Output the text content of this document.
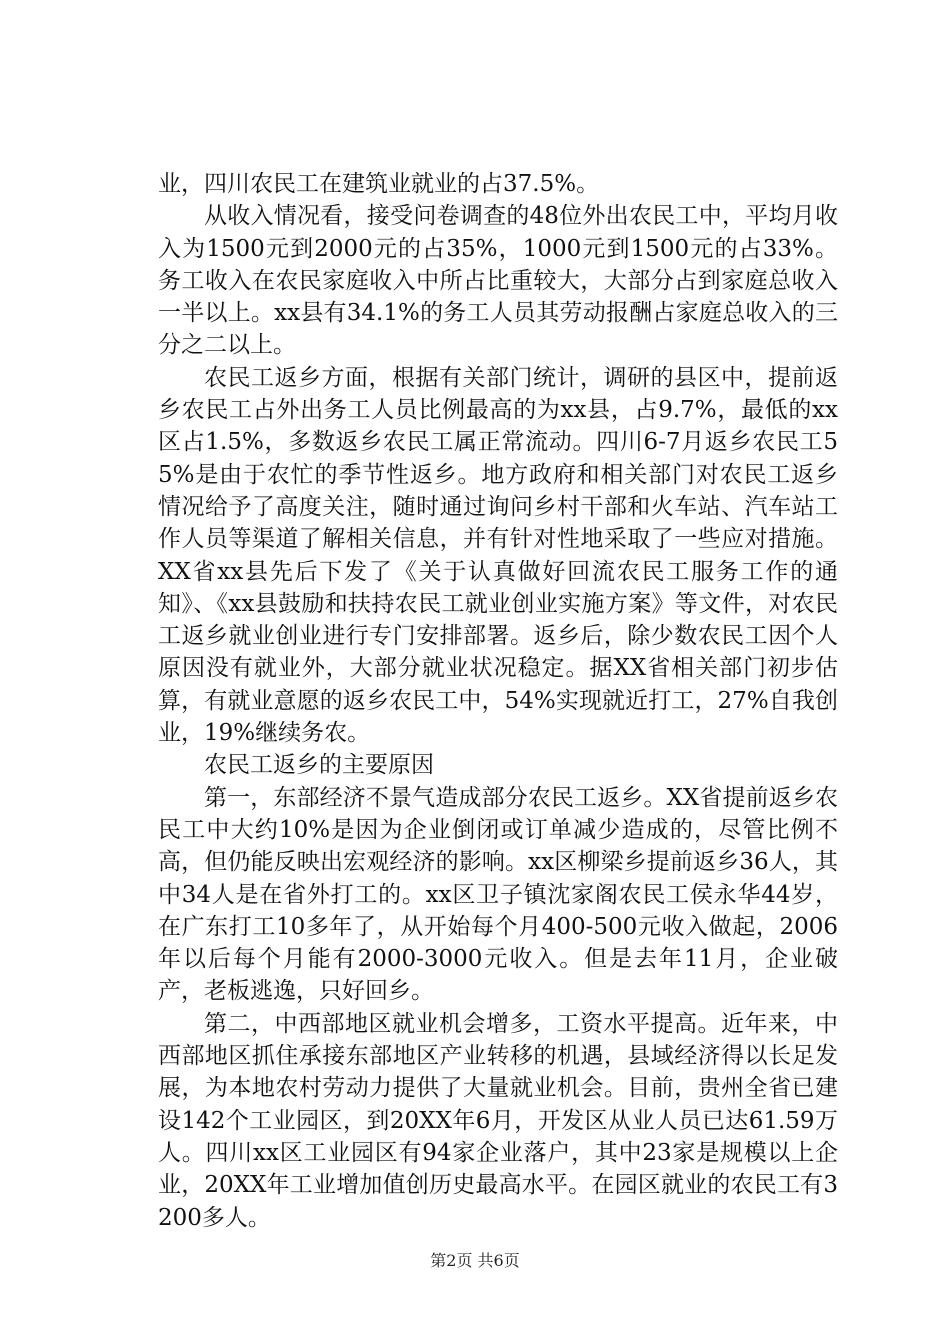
业，四川农民工在建筑业就业的占37.5%。

从收入情况看，接受问卷调查的48位外出农民工中，平均月收入为1500元到2000元的占35%，1000元到1500元的占33%。务工收入在农民家庭收入中所占比重较大，大部分占到家庭总收入一半以上。xx县有34.1%的务工人员其劳动报酬占家庭总收入的三分之二以上。

农民工返乡方面，根据有关部门统计，调研的县区中，提前返乡农民工占外出务工人员比例最高的为xx县，占9.7%，最低的xx区占1.5%，多数返乡农民工属正常流动。四川6-7月返乡农民工55%是由于农忙的季节性返乡。地方政府和相关部门对农民工返乡情况给予了高度关注，随时通过询问乡村干部和火车站、汽车站工作人员等渠道了解相关信息，并有针对性地采取了一些应对措施。XX省xx县先后下发了《关于认真做好回流农民工服务工作的通知》、《xx县鼓励和扶持农民工就业创业实施方案》等文件，对农民工返乡就业创业进行专门安排部署。返乡后，除少数农民工因个人原因没有就业外，大部分就业状况稳定。据XX省相关部门初步估算，有就业意愿的返乡农民工中，54%实现就近打工，27%自我创业，19%继续务农。

农民工返乡的主要原因

第一，东部经济不景气造成部分农民工返乡。XX省提前返乡农民工中大约10%是因为企业倒闭或订单减少造成的，尽管比例不高，但仍能反映出宏观经济的影响。xx区柳梁乡提前返乡36人，其中34人是在省外打工的。xx区卫子镇沈家阁农民工侯永华44岁，在广东打工10多年了，从开始每个月400-500元收入做起，2006年以后每个月能有2000-3000元收入。但是去年11月，企业破产，老板逃逸，只好回乡。

第二，中西部地区就业机会增多，工资水平提高。近年来，中西部地区抓住承接东部地区产业转移的机遇，县域经济得以长足发展，为本地农村劳动力提供了大量就业机会。目前，贵州全省已建设142个工业园区，到20XX年6月，开发区从业人员已达61.59万人。四川xx区工业园区有94家企业落户，其中23家是规模以上企业，20XX年工业增加值创历史最高水平。在园区就业的农民工有3200多人。

第2页 共6页
